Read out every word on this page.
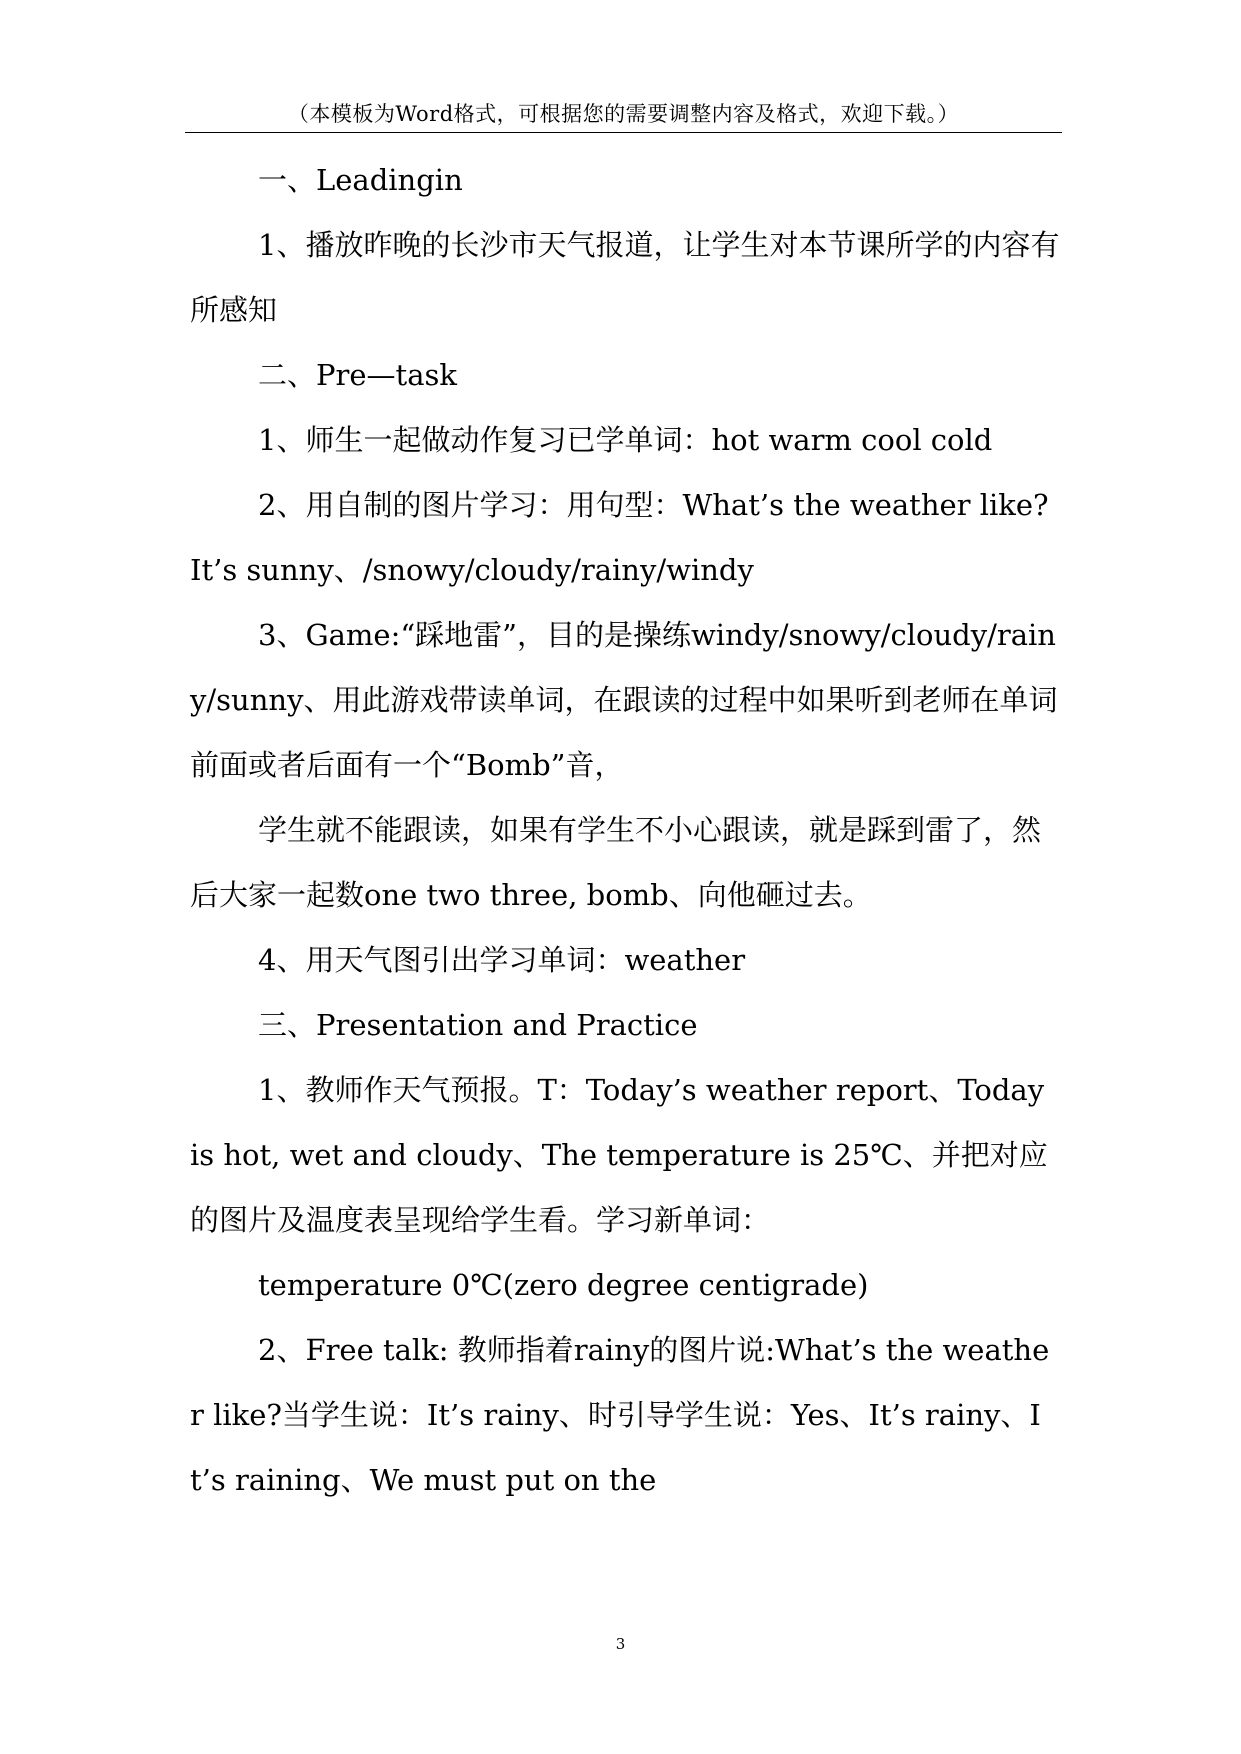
（本模板为Word格式，可根据您的需要调整内容及格式，欢迎下载。）

一、Leadingin

1、播放昨晚的长沙市天气报道，让学生对本节课所学的内容有所感知

二、Pre—task

1、师生一起做动作复习已学单词：hot warm cool cold

2、用自制的图片学习：用句型：What’s the weather like? It’s sunny、/snowy/cloudy/rainy/windy

3、Game:“踩地雷”，目的是操练windy/snowy/cloudy/rainy/sunny、用此游戏带读单词，在跟读的过程中如果听到老师在单词前面或者后面有一个“Bomb”音，

学生就不能跟读，如果有学生不小心跟读，就是踩到雷了，然后大家一起数one two three, bomb、向他砸过去。

4、用天气图引出学习单词：weather

三、Presentation and Practice

1、教师作天气预报。T：Today’s weather report、Today is hot, wet and cloudy、The temperature is 25℃、并把对应的图片及温度表呈现给学生看。学习新单词：

temperature 0℃(zero degree centigrade)

2、Free talk: 教师指着rainy的图片说:What’s the weather like?当学生说：It’s rainy、时引导学生说：Yes、It’s rainy、It’s raining、We must put on the

3
